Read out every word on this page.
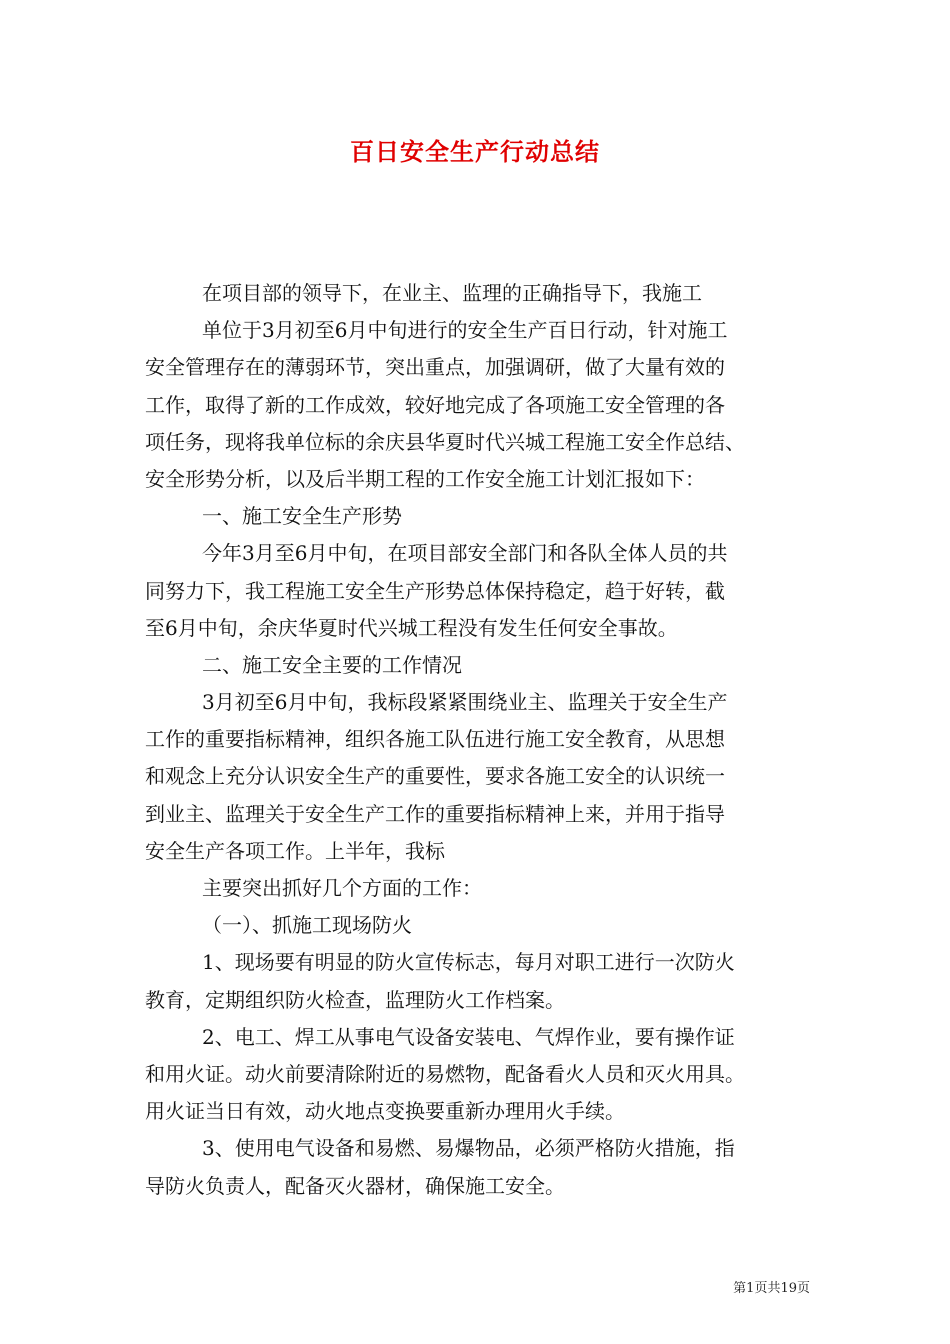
百日安全生产行动总结
在项目部的领导下，在业主、监理的正确指导下，我施工
单位于3月初至6月中旬进行的安全生产百日行动，针对施工
安全管理存在的薄弱环节，突出重点，加强调研，做了大量有效的
工作，取得了新的工作成效，较好地完成了各项施工安全管理的各
项任务，现将我单位标的余庆县华夏时代兴城工程施工安全作总结、
安全形势分析，以及后半期工程的工作安全施工计划汇报如下：
一、施工安全生产形势
今年3月至6月中旬，在项目部安全部门和各队全体人员的共
同努力下，我工程施工安全生产形势总体保持稳定，趋于好转，截
至6月中旬，余庆华夏时代兴城工程没有发生任何安全事故。
二、施工安全主要的工作情况
3月初至6月中旬，我标段紧紧围绕业主、监理关于安全生产
工作的重要指标精神，组织各施工队伍进行施工安全教育，从思想
和观念上充分认识安全生产的重要性，要求各施工安全的认识统一
到业主、监理关于安全生产工作的重要指标精神上来，并用于指导
安全生产各项工作。上半年，我标
主要突出抓好几个方面的工作：
（一）、抓施工现场防火
1、现场要有明显的防火宣传标志，每月对职工进行一次防火
教育，定期组织防火检查，监理防火工作档案。
2、电工、焊工从事电气设备安装电、气焊作业，要有操作证
和用火证。动火前要清除附近的易燃物，配备看火人员和灭火用具。
用火证当日有效，动火地点变换要重新办理用火手续。
3、使用电气设备和易燃、易爆物品，必须严格防火措施，指
导防火负责人，配备灭火器材，确保施工安全。
第1页共19页
